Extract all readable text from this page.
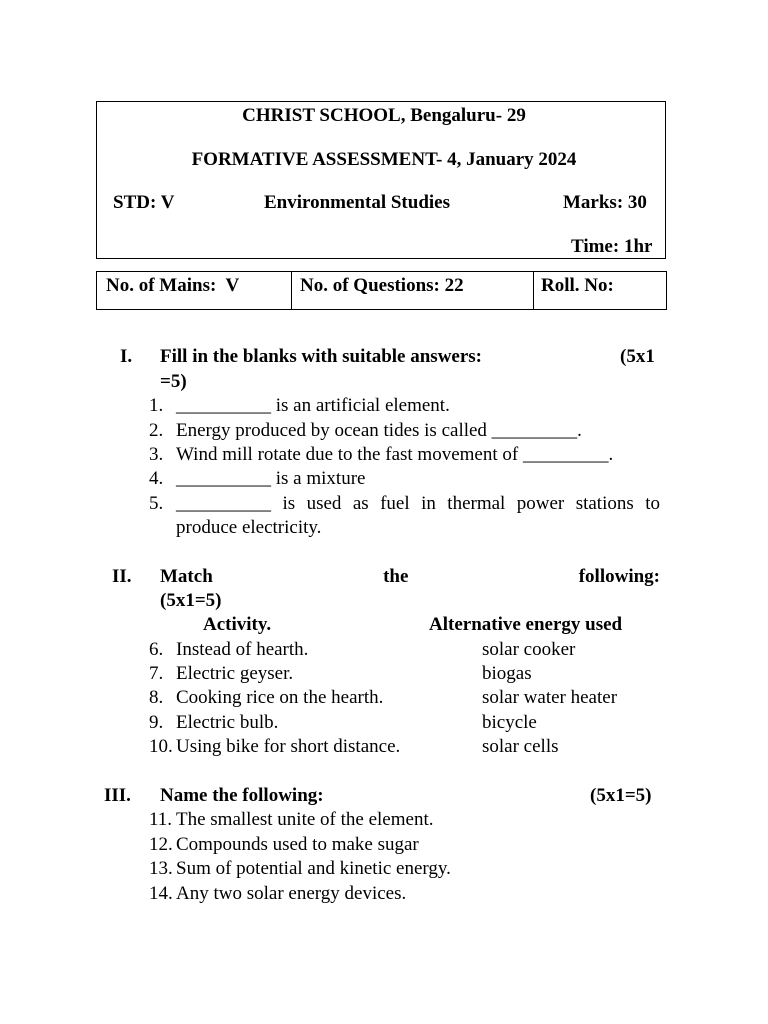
CHRIST SCHOOL, Bengaluru- 29
FORMATIVE ASSESSMENT- 4, January 2024
STD: V	Environmental Studies	Marks: 30
Time: 1hr
No. of Mains:  V	No. of Questions: 22	Roll. No:
I. Fill in the blanks with suitable answers:	(5x1
=5)
1. __________ is an artificial element.
2. Energy produced by ocean tides is called _________.
3. Wind mill rotate due to the fast movement of _________.
4. __________ is a mixture
5. __________ is used as fuel in thermal power stations to
produce electricity.
II. Match	the	following:
(5x1=5)
Activity.	Alternative energy used
6. Instead of hearth.	solar cooker
7. Electric geyser.	biogas
8. Cooking rice on the hearth.	solar water heater
9. Electric bulb.	bicycle
10. Using bike for short distance.	solar cells
III. Name the following:	(5x1=5)
11. The smallest unite of the element.
12. Compounds used to make sugar
13. Sum of potential and kinetic energy.
14. Any two solar energy devices.
